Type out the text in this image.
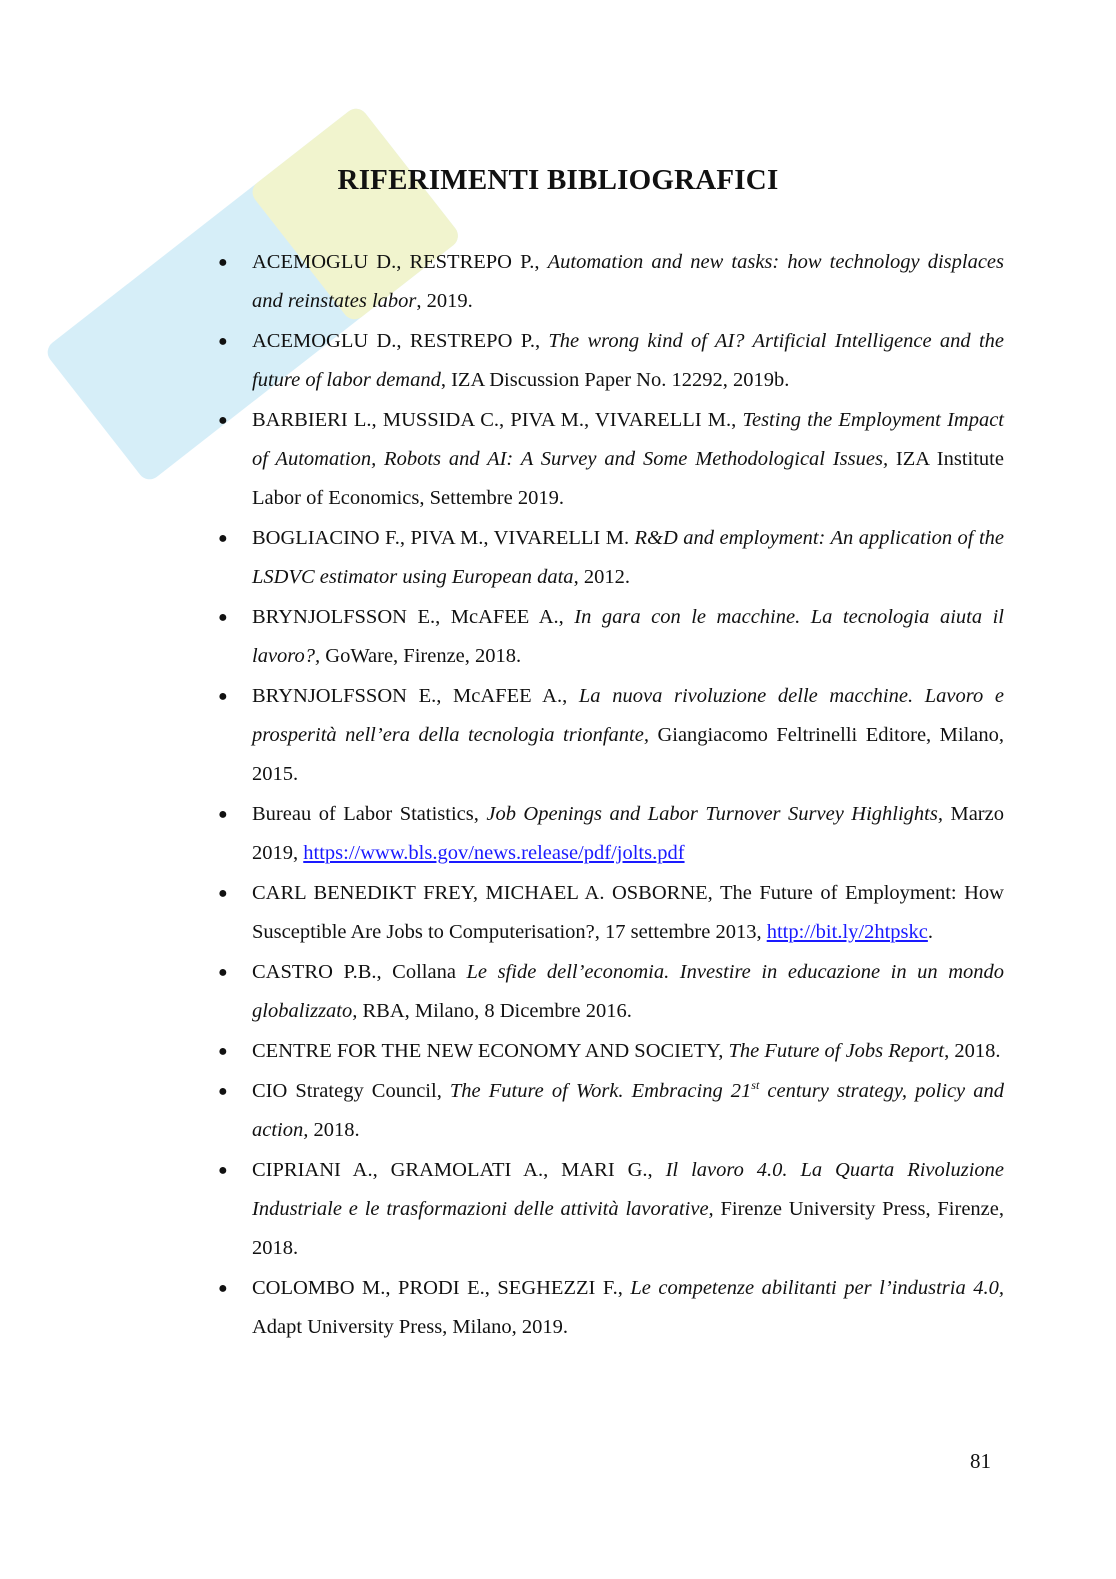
RIFERIMENTI BIBLIOGRAFICI
● ACEMOGLU D., RESTREPO P., Automation and new tasks: how technology displaces and reinstates labor, 2019.
● ACEMOGLU D., RESTREPO P., The wrong kind of AI? Artificial Intelligence and the future of labor demand, IZA Discussion Paper No. 12292, 2019b.
● BARBIERI L., MUSSIDA C., PIVA M., VIVARELLI M., Testing the Employment Impact of Automation, Robots and AI: A Survey and Some Methodological Issues, IZA Institute Labor of Economics, Settembre 2019.
● BOGLIACINO F., PIVA M., VIVARELLI M. R&D and employment: An application of the LSDVC estimator using European data, 2012.
● BRYNJOLFSSON E., McAFEE A., In gara con le macchine. La tecnologia aiuta il lavoro?, GoWare, Firenze, 2018.
● BRYNJOLFSSON E., McAFEE A., La nuova rivoluzione delle macchine. Lavoro e prosperità nell’era della tecnologia trionfante, Giangiacomo Feltrinelli Editore, Milano, 2015.
● Bureau of Labor Statistics, Job Openings and Labor Turnover Survey Highlights, Marzo 2019, https://www.bls.gov/news.release/pdf/jolts.pdf
● CARL BENEDIKT FREY, MICHAEL A. OSBORNE, The Future of Employment: How Susceptible Are Jobs to Computerisation?, 17 settembre 2013, http://bit.ly/2htpskc.
● CASTRO P.B., Collana Le sfide dell’economia. Investire in educazione in un mondo globalizzato, RBA, Milano, 8 Dicembre 2016.
● CENTRE FOR THE NEW ECONOMY AND SOCIETY, The Future of Jobs Report, 2018.
● CIO Strategy Council, The Future of Work. Embracing 21st century strategy, policy and action, 2018.
● CIPRIANI A., GRAMOLATI A., MARI G., Il lavoro 4.0. La Quarta Rivoluzione Industriale e le trasformazioni delle attività lavorative, Firenze University Press, Firenze, 2018.
● COLOMBO M., PRODI E., SEGHEZZI F., Le competenze abilitanti per l’industria 4.0, Adapt University Press, Milano, 2019.
81
